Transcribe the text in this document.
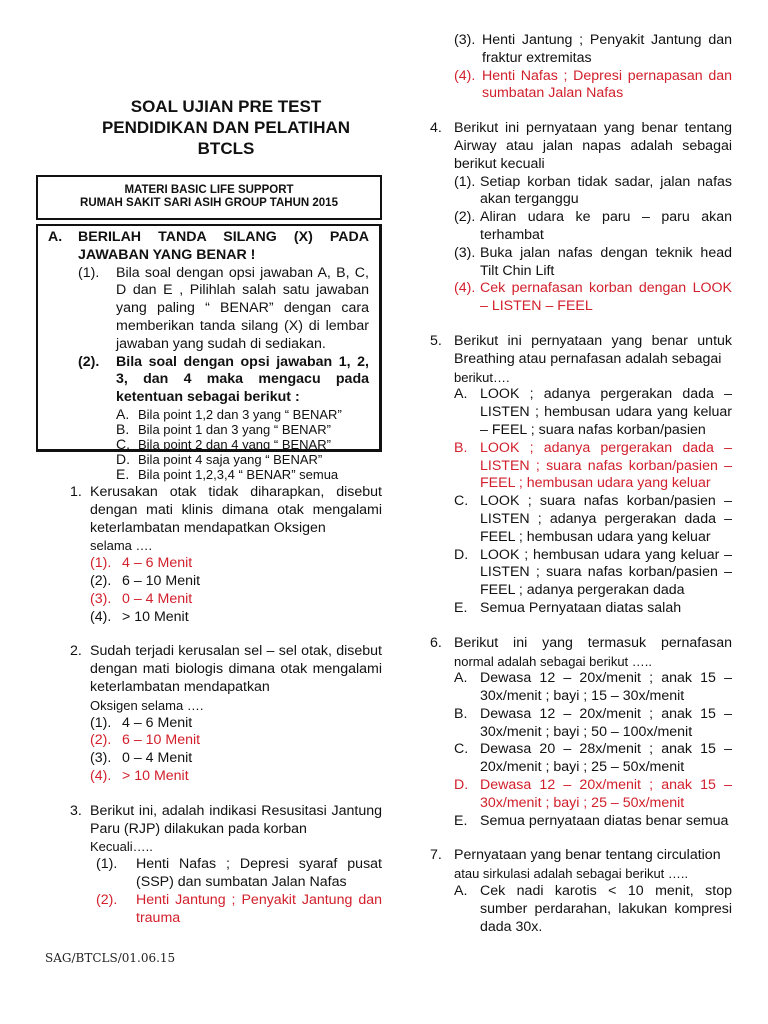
SOAL UJIAN PRE TEST
PENDIDIKAN DAN PELATIHAN
BTCLS
MATERI BASIC LIFE SUPPORT
RUMAH SAKIT SARI ASIH GROUP TAHUN 2015
A.	BERILAH TANDA SILANG (X) PADA
JAWABAN YANG BENAR !
(1).	Bila soal dengan opsi jawaban A, B, C, D dan E , Pilihlah salah satu jawaban yang paling “ BENAR” dengan cara memberikan tanda silang (X) di lembar jawaban yang sudah di sediakan.
(2).	Bila soal dengan opsi jawaban 1, 2, 3, dan 4 maka mengacu pada ketentuan sebagai berikut :
A. Bila point 1,2 dan 3 yang “ BENAR”
B. Bila point 1 dan 3 yang “ BENAR”
C. Bila point 2 dan 4 yang “ BENAR”
D. Bila point 4 saja yang “ BENAR”
E. Bila point 1,2,3,4 “ BENAR” semua
1. Kerusakan otak tidak diharapkan, disebut dengan mati klinis dimana otak mengalami keterlambatan mendapatkan Oksigen
selama ….
(1). 4 – 6 Menit
(2). 6 – 10 Menit
(3). 0 – 4 Menit
(4). > 10 Menit
2. Sudah terjadi kerusalan sel – sel otak, disebut dengan mati biologis dimana otak mengalami keterlambatan mendapatkan
Oksigen selama ….
(1). 4 – 6 Menit
(2). 6 – 10 Menit
(3). 0 – 4 Menit
(4). > 10 Menit
3. Berikut ini, adalah indikasi Resusitasi Jantung Paru (RJP) dilakukan pada korban
Kecuali…..
(1).	Henti Nafas ; Depresi syaraf pusat (SSP) dan sumbatan Jalan Nafas
(2).	Henti Jantung ; Penyakit Jantung dan trauma
SAG/BTCLS/01.06.15
(3). Henti Jantung ; Penyakit Jantung dan fraktur extremitas
(4). Henti Nafas ; Depresi pernapasan dan sumbatan Jalan Nafas
4. Berikut ini pernyataan yang benar tentang Airway atau jalan napas adalah sebagai berikut kecuali
(1). Setiap korban tidak sadar, jalan nafas akan terganggu
(2). Aliran udara ke paru – paru akan terhambat
(3). Buka jalan nafas dengan teknik head Tilt Chin Lift
(4). Cek pernafasan korban dengan LOOK – LISTEN – FEEL
5. Berikut ini pernyataan yang benar untuk Breathing atau pernafasan adalah sebagai
berikut….
A. LOOK ; adanya pergerakan dada – LISTEN ; hembusan udara yang keluar – FEEL ; suara nafas korban/pasien
B. LOOK ; adanya pergerakan dada – LISTEN ; suara nafas korban/pasien – FEEL ; hembusan udara yang keluar
C. LOOK ; suara nafas korban/pasien – LISTEN ; adanya pergerakan dada – FEEL ; hembusan udara yang keluar
D. LOOK ; hembusan udara yang keluar – LISTEN ; suara nafas korban/pasien – FEEL ; adanya pergerakan dada
E. Semua Pernyataan diatas salah
6. Berikut ini yang termasuk pernafasan
normal adalah sebagai berikut …..
A. Dewasa 12 – 20x/menit ; anak 15 – 30x/menit ; bayi ; 15 – 30x/menit
B. Dewasa 12 – 20x/menit ; anak 15 – 30x/menit ; bayi ; 50 – 100x/menit
C. Dewasa 20 – 28x/menit ; anak 15 – 20x/menit ; bayi ; 25 – 50x/menit
D. Dewasa 12 – 20x/menit ; anak 15 – 30x/menit ; bayi ; 25 – 50x/menit
E. Semua pernyataan diatas benar semua
7. Pernyataan yang benar tentang circulation
atau sirkulasi adalah sebagai berikut …..
A. Cek nadi karotis < 10 menit, stop sumber perdarahan, lakukan kompresi dada 30x.
